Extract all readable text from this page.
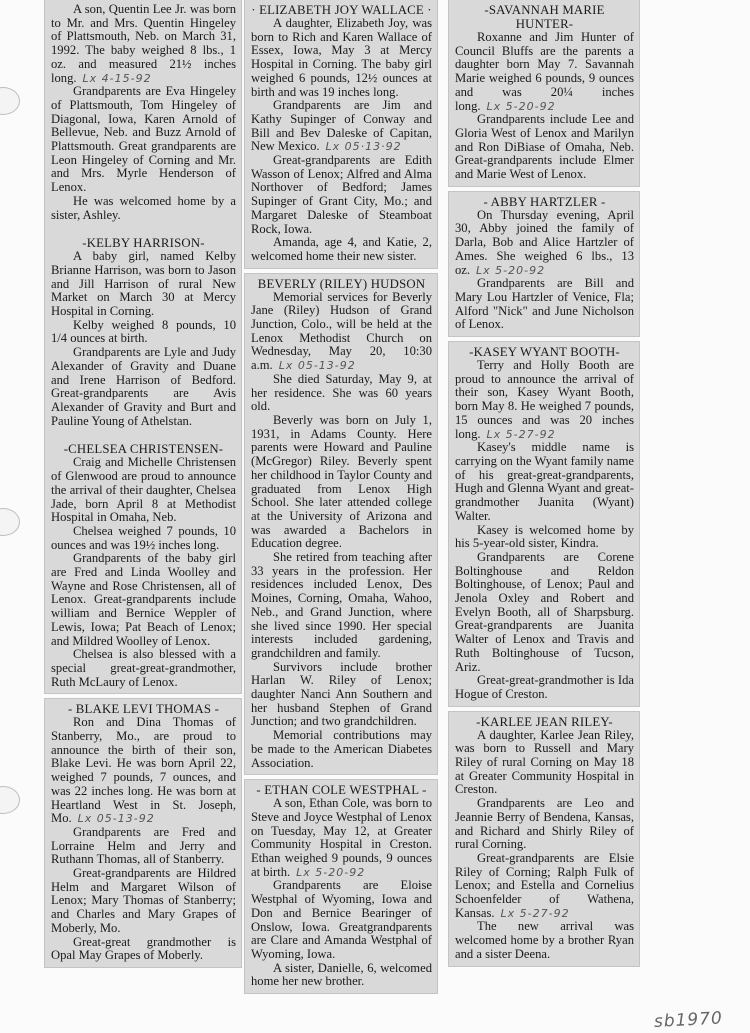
A son, Quentin Lee Jr. was born to Mr. and Mrs. Quentin Hingeley of Plattsmouth, Neb. on March 31, 1992. The baby weighed 8 lbs., 1 oz. and measured 21½ inches long. Lx 4-15-92

Grandparents are Eva Hingeley of Plattsmouth, Tom Hingeley of Diagonal, Iowa, Karen Arnold of Bellevue, Neb. and Buzz Arnold of Plattsmouth. Great grandparents are Leon Hingeley of Corning and Mr. and Mrs. Myrle Henderson of Lenox.

He was welcomed home by a sister, Ashley.

-KELBY HARRISON-

A baby girl, named Kelby Brianne Harrison, was born to Jason and Jill Harrison of rural New Market on March 30 at Mercy Hospital in Corning.

Kelby weighed 8 pounds, 10 1/4 ounces at birth.

Grandparents are Lyle and Judy Alexander of Gravity and Duane and Irene Harrison of Bedford. Great-grandparents are Avis Alexander of Gravity and Burt and Pauline Young of Athelstan.

-CHELSEA CHRISTENSEN-

Craig and Michelle Christensen of Glenwood are proud to announce the arrival of their daughter, Chelsea Jade, born April 8 at Methodist Hospital in Omaha, Neb.

Chelsea weighed 7 pounds, 10 ounces and was 19½ inches long.

Grandparents of the baby girl are Fred and Linda Woolley and Wayne and Rose Christensen, all of Lenox. Great-grandparents include william and Bernice Weppler of Lewis, Iowa; Pat Beach of Lenox; and Mildred Woolley of Lenox.

Chelsea is also blessed with a special great-great-grandmother, Ruth McLaury of Lenox.

- BLAKE LEVI THOMAS -

Ron and Dina Thomas of Stanberry, Mo., are proud to announce the birth of their son, Blake Levi. He was born April 22, weighed 7 pounds, 7 ounces, and was 22 inches long. He was born at Heartland West in St. Joseph, Mo. Lx 05-13-92

Grandparents are Fred and Lorraine Helm and Jerry and Ruthann Thomas, all of Stanberry.

Great-grandparents are Hildred Helm and Margaret Wilson of Lenox; Mary Thomas of Stanberry; and Charles and Mary Grapes of Moberly, Mo.

Great-great grandmother is Opal May Grapes of Moberly.

· ELIZABETH JOY WALLACE ·

A daughter, Elizabeth Joy, was born to Rich and Karen Wallace of Essex, Iowa, May 3 at Mercy Hospital in Corning. The baby girl weighed 6 pounds, 12½ ounces at birth and was 19 inches long.

Grandparents are Jim and Kathy Supinger of Conway and Bill and Bev Daleske of Capitan, New Mexico. Lx 05·13·92

Great-grandparents are Edith Wasson of Lenox; Alfred and Alma Northover of Bedford; James Supinger of Grant City, Mo.; and Margaret Daleske of Steamboat Rock, Iowa.

Amanda, age 4, and Katie, 2, welcomed home their new sister.

BEVERLY (RILEY) HUDSON

Memorial services for Beverly Jane (Riley) Hudson of Grand Junction, Colo., will be held at the Lenox Methodist Church on Wednesday, May 20, 10:30 a.m. Lx 05-13-92

She died Saturday, May 9, at her residence. She was 60 years old.

Beverly was born on July 1, 1931, in Adams County. Here parents were Howard and Pauline (McGregor) Riley. Beverly spent her childhood in Taylor County and graduated from Lenox High School. She later attended college at the University of Arizona and was awarded a Bachelors in Education degree.

She retired from teaching after 33 years in the profession. Her residences included Lenox, Des Moines, Corning, Omaha, Wahoo, Neb., and Grand Junction, where she lived since 1990. Her special interests included gardening, grandchildren and family.

Survivors include brother Harlan W. Riley of Lenox; daughter Nanci Ann Southern and her husband Stephen of Grand Junction; and two grandchildren.

Memorial contributions may be made to the American Diabetes Association.

- ETHAN COLE WESTPHAL -

A son, Ethan Cole, was born to Steve and Joyce Westphal of Lenox on Tuesday, May 12, at Greater Community Hospital in Creston. Ethan weighed 9 pounds, 9 ounces at birth. Lx 5-20-92

Grandparents are Eloise Westphal of Wyoming, Iowa and Don and Bernice Bearinger of Onslow, Iowa. Greatgrandparents are Clare and Amanda Westphal of Wyoming, Iowa.

A sister, Danielle, 6, welcomed home her new brother.

-SAVANNAH MARIE HUNTER-

Roxanne and Jim Hunter of Council Bluffs are the parents a daughter born May 7. Savannah Marie weighed 6 pounds, 9 ounces and was 20¼ inches long. Lx 5-20-92

Grandparents include Lee and Gloria West of Lenox and Marilyn and Ron DiBiase of Omaha, Neb. Great-grandparents include Elmer and Marie West of Lenox.

- ABBY HARTZLER -

On Thursday evening, April 30, Abby joined the family of Darla, Bob and Alice Hartzler of Ames. She weighed 6 lbs., 13 oz. Lx 5-20-92

Grandparents are Bill and Mary Lou Hartzler of Venice, Fla; Alford "Nick" and June Nicholson of Lenox.

-KASEY WYANT BOOTH-

Terry and Holly Booth are proud to announce the arrival of their son, Kasey Wyant Booth, born May 8. He weighed 7 pounds, 15 ounces and was 20 inches long. Lx 5-27-92

Kasey's middle name is carrying on the Wyant family name of his great-great-grandparents, Hugh and Glenna Wyant and great-grandmother Juanita (Wyant) Walter.

Kasey is welcomed home by his 5-year-old sister, Kindra.

Grandparents are Corene Boltinghouse and Reldon Boltinghouse, of Lenox; Paul and Jenola Oxley and Robert and Evelyn Booth, all of Sharpsburg. Great-grandparents are Juanita Walter of Lenox and Travis and Ruth Boltinghouse of Tucson, Ariz.

Great-great-grandmother is Ida Hogue of Creston.

-KARLEE JEAN RILEY-

A daughter, Karlee Jean Riley, was born to Russell and Mary Riley of rural Corning on May 18 at Greater Community Hospital in Creston.

Grandparents are Leo and Jeannie Berry of Bendena, Kansas, and Richard and Shirly Riley of rural Corning.

Great-grandparents are Elsie Riley of Corning; Ralph Fulk of Lenox; and Estella and Cornelius Schoenfelder of Wathena, Kansas. Lx 5-27-92

The new arrival was welcomed home by a brother Ryan and a sister Deena.

sb1970
